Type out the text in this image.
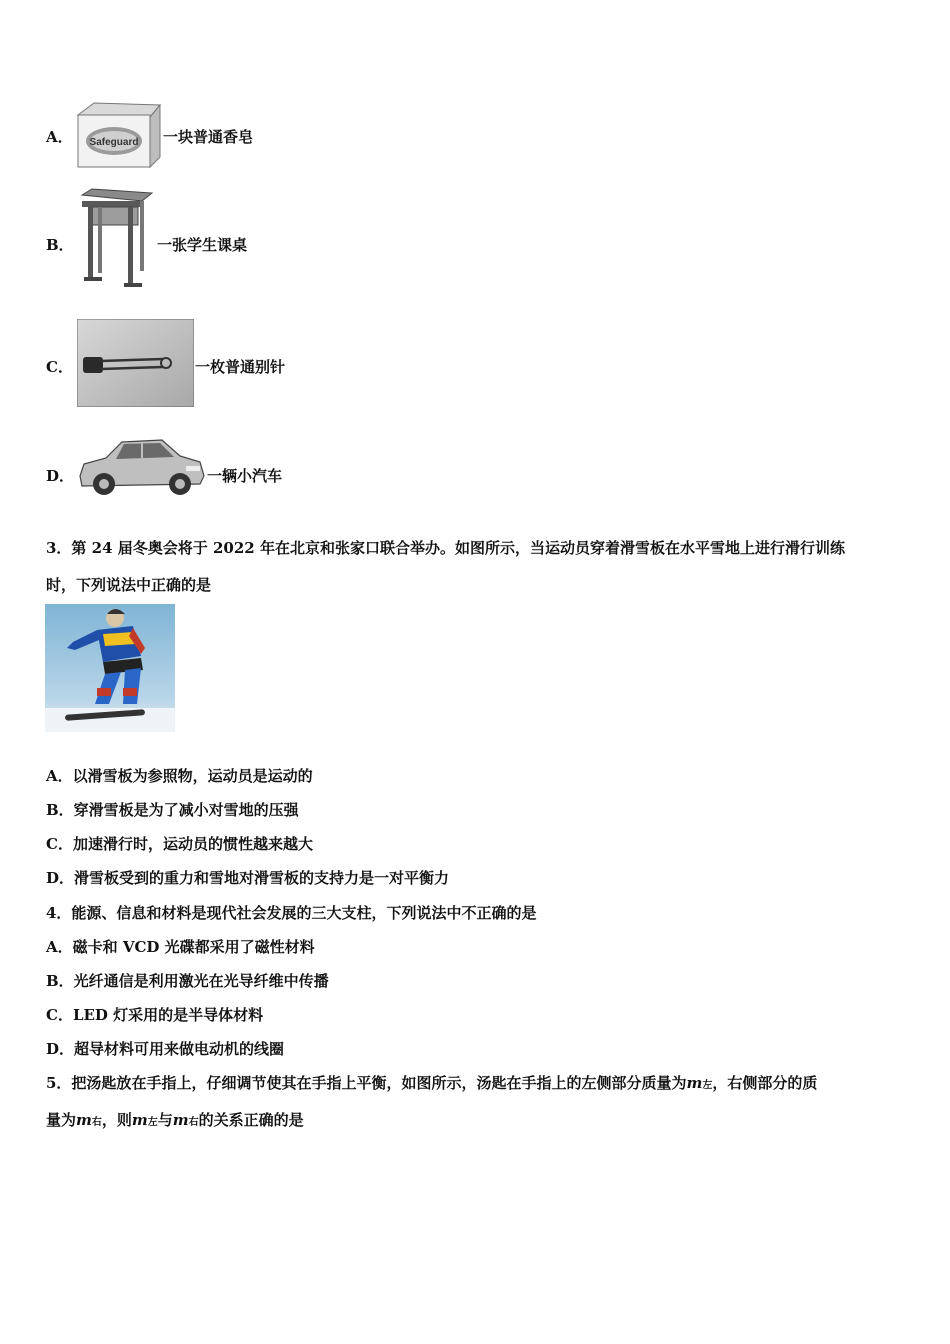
A． Safeguard 一块普通香皂
B．	一张学生课桌
C．	一枚普通别针
D．	一辆小汽车
3．第 24 届冬奥会将于 2022 年在北京和张家口联合举办。如图所示，当运动员穿着滑雪板在水平雪地上进行滑行训练
时，下列说法中正确的是
A．以滑雪板为参照物，运动员是运动的
B．穿滑雪板是为了减小对雪地的压强
C．加速滑行时，运动员的惯性越来越大
D．滑雪板受到的重力和雪地对滑雪板的支持力是一对平衡力
4．能源、信息和材料是现代社会发展的三大支柱，下列说法中不正确的是
A．磁卡和 VCD 光碟都采用了磁性材料
B．光纤通信是利用激光在光导纤维中传播
C．LED 灯采用的是半导体材料
D．超导材料可用来做电动机的线圈
5．把汤匙放在手指上，仔细调节使其在手指上平衡，如图所示，汤匙在手指上的左侧部分质量为m左，右侧部分的质
量为m右，则m左与m右的关系正确的是
